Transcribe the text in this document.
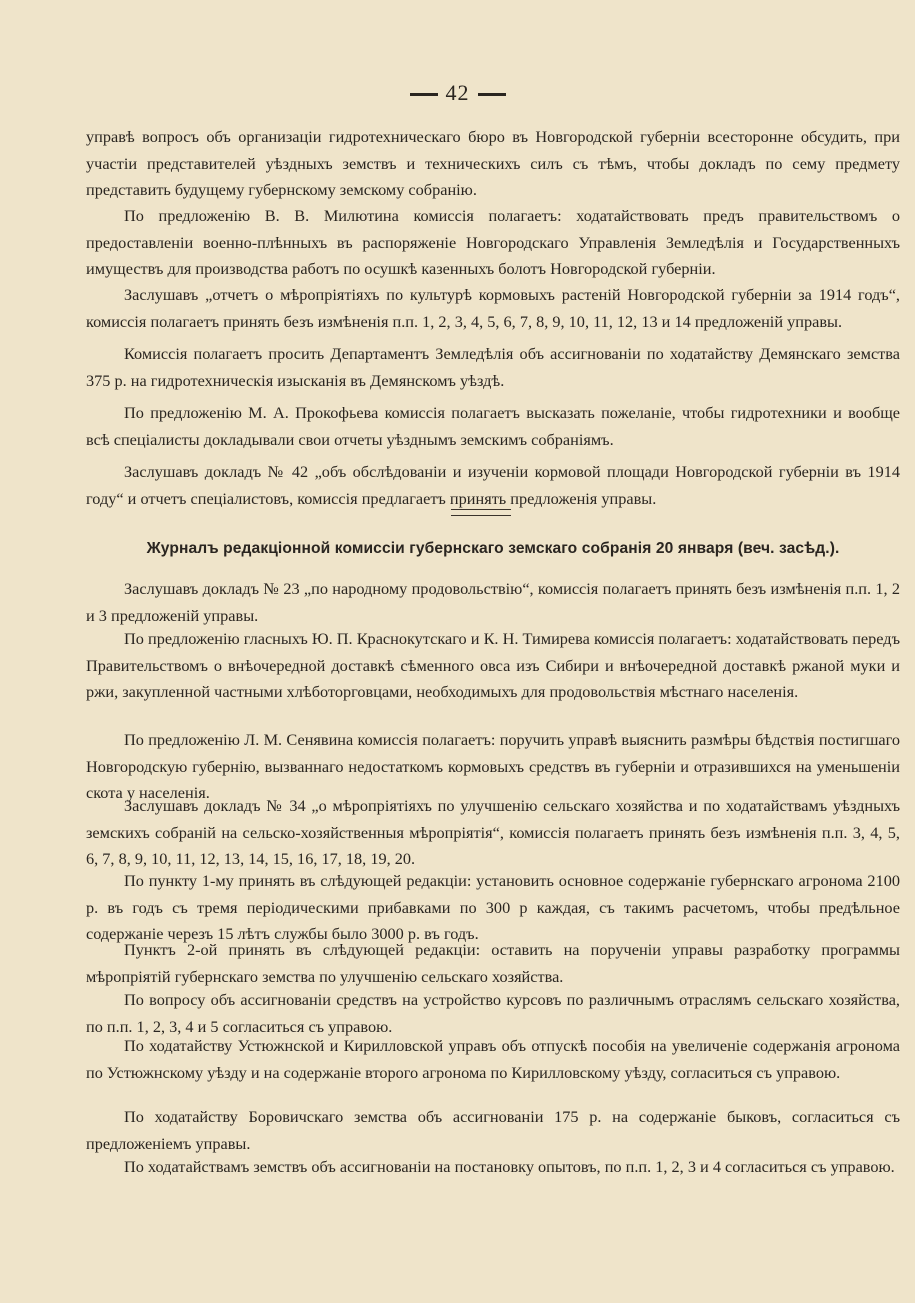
42

управѣ вопросъ объ организаціи гидротехническаго бюро въ Новгородской губерніи всесторонне обсудить, при участіи представителей уѣздныхъ земствъ и техническихъ силъ съ тѣмъ, чтобы докладъ по сему предмету представить будущему губернскому земскому собранію.

По предложенію В. В. Милютина комиссія полагаетъ: ходатайствовать предъ правительствомъ о предоставленіи военно-плѣнныхъ въ распоряженіе Новгородскаго Управленія Земледѣлія и Государственныхъ имуществъ для производства работъ по осушкѣ казенныхъ болотъ Новгородской губерніи.

Заслушавъ „отчетъ о мѣропріятіяхъ по культурѣ кормовыхъ растеній Новгородской губерніи за 1914 годъ“, комиссія полагаетъ принять безъ измѣненія п.п. 1, 2, 3, 4, 5, 6, 7, 8, 9, 10, 11, 12, 13 и 14 предложеній управы.

Комиссія полагаетъ просить Департаментъ Земледѣлія объ ассигнованіи по ходатайству Демянскаго земства 375 р. на гидротехническія изысканія въ Демянскомъ уѣздѣ.

По предложенію М. А. Прокофьева комиссія полагаетъ высказать пожеланіе, чтобы гидротехники и вообще всѣ спеціалисты докладывали свои отчеты уѣзднымъ земскимъ собраніямъ.

Заслушавъ докладъ № 42 „объ обслѣдованіи и изученіи кормовой площади Новгородской губерніи въ 1914 году“ и отчетъ спеціалистовъ, комиссія предлагаетъ принять предложенія управы.

Журналъ редакціонной комиссіи губернскаго земскаго собранія 20 января (веч. засѣд.).

Заслушавъ докладъ № 23 „по народному продовольствію“, комиссія полагаетъ принять безъ измѣненія п.п. 1, 2 и 3 предложеній управы.

По предложенію гласныхъ Ю. П. Краснокутскаго и К. Н. Тимирева комиссія полагаетъ: ходатайствовать передъ Правительствомъ о внѣочередной доставкѣ сѣменного овса изъ Сибири и внѣочередной доставкѣ ржаной муки и ржи, закупленной частными хлѣботорговцами, необходимыхъ для продовольствія мѣстнаго населенія.

По предложенію Л. М. Сенявина комиссія полагаетъ: поручить управѣ выяснить размѣры бѣдствія постигшаго Новгородскую губернію, вызваннаго недостаткомъ кормовыхъ средствъ въ губерніи и отразившихся на уменьшеніи скота у населенія.

Заслушавъ докладъ № 34 „о мѣропріятіяхъ по улучшенію сельскаго хозяйства и по ходатайствамъ уѣздныхъ земскихъ собраній на сельско-хозяйственныя мѣропріятія“, комиссія полагаетъ принять безъ измѣненія п.п. 3, 4, 5, 6, 7, 8, 9, 10, 11, 12, 13, 14, 15, 16, 17, 18, 19, 20.

По пункту 1-му принять въ слѣдующей редакціи: установить основное содержаніе губернскаго агронома 2100 р. въ годъ съ тремя періодическими прибавками по 300 р каждая, съ такимъ расчетомъ, чтобы предѣльное содержаніе черезъ 15 лѣтъ службы было 3000 р. въ годъ.

Пунктъ 2-ой принять въ слѣдующей редакціи: оставить на порученіи управы разработку программы мѣропріятій губернскаго земства по улучшенію сельскаго хозяйства.

По вопросу объ ассигнованіи средствъ на устройство курсовъ по различнымъ отраслямъ сельскаго хозяйства, по п.п. 1, 2, 3, 4 и 5 согласиться съ управою.

По ходатайству Устюжнской и Кирилловской управъ объ отпускѣ пособія на увеличеніе содержанія агронома по Устюжнскому уѣзду и на содержаніе второго агронома по Кирилловскому уѣзду, согласиться съ управою.

По ходатайству Боровичскаго земства объ ассигнованіи 175 р. на содержаніе быковъ, согласиться съ предложеніемъ управы.

По ходатайствамъ земствъ объ ассигнованіи на постановку опытовъ, по п.п. 1, 2, 3 и 4 согласиться съ управою.
